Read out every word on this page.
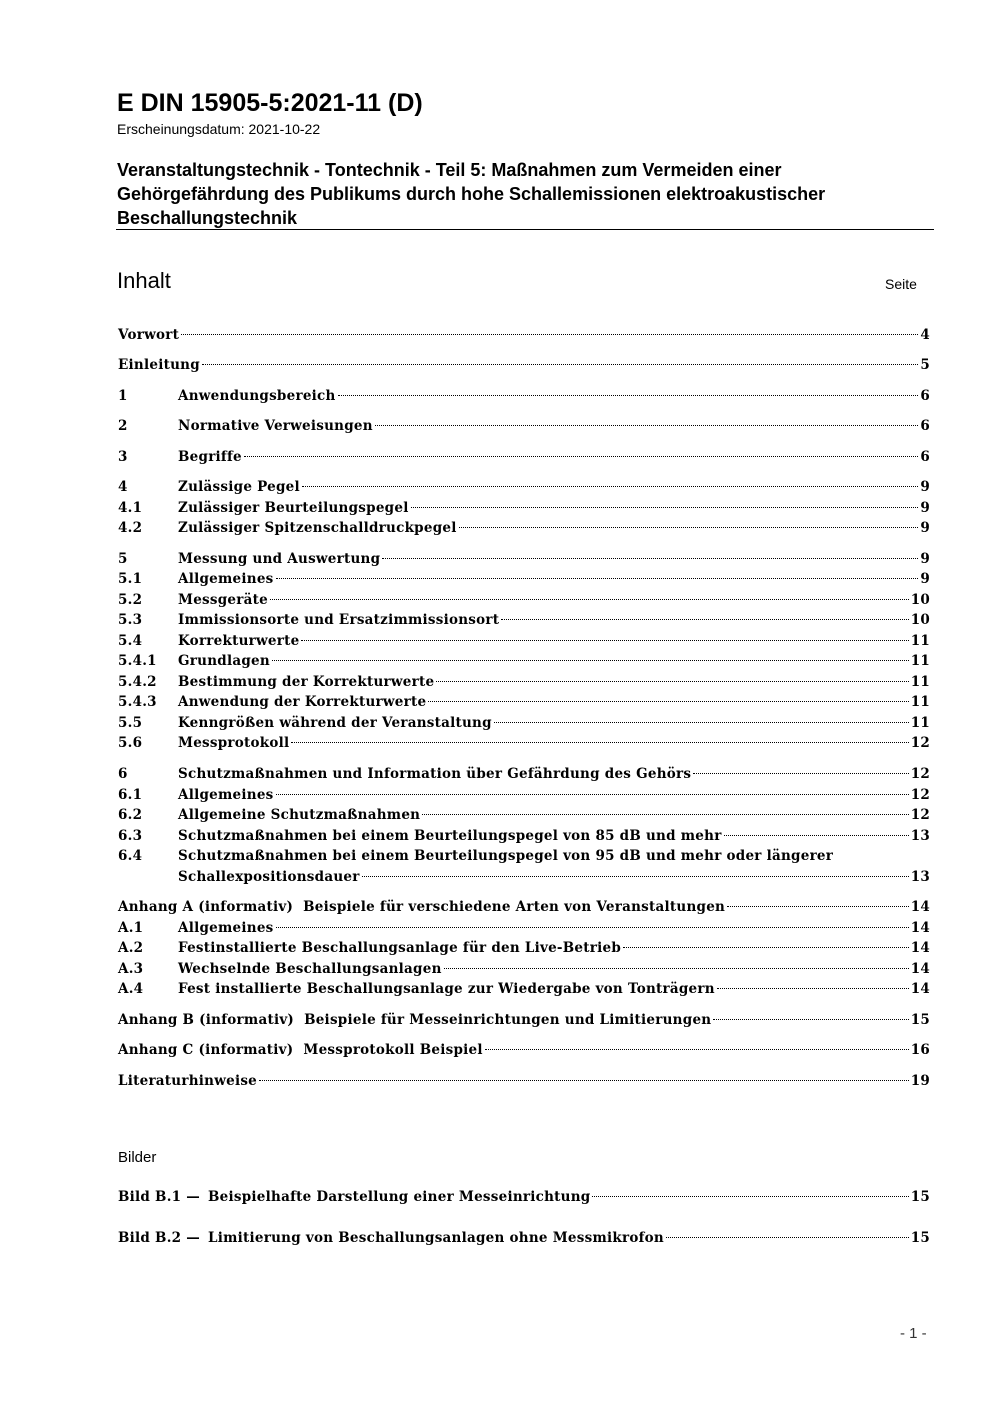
E DIN 15905-5:2021-11 (D)
Erscheinungsdatum: 2021-10-22
Veranstaltungstechnik - Tontechnik - Teil 5: Maßnahmen zum Vermeiden einer Gehörgefährdung des Publikums durch hohe Schallemissionen elektroakustischer Beschallungstechnik
Inhalt	Seite
Vorwort	4
Einleitung	5
1	Anwendungsbereich	6
2	Normative Verweisungen	6
3	Begriffe	6
4	Zulässige Pegel	9
4.1	Zulässiger Beurteilungspegel	9
4.2	Zulässiger Spitzenschalldruckpegel	9
5	Messung und Auswertung	9
5.1	Allgemeines	9
5.2	Messgeräte	10
5.3	Immissionsorte und Ersatzimmissionsort	10
5.4	Korrekturwerte	11
5.4.1	Grundlagen	11
5.4.2	Bestimmung der Korrekturwerte	11
5.4.3	Anwendung der Korrekturwerte	11
5.5	Kenngrößen während der Veranstaltung	11
5.6	Messprotokoll	12
6	Schutzmaßnahmen und Information über Gefährdung des Gehörs	12
6.1	Allgemeines	12
6.2	Allgemeine Schutzmaßnahmen	12
6.3	Schutzmaßnahmen bei einem Beurteilungspegel von 85 dB und mehr	13
6.4	Schutzmaßnahmen bei einem Beurteilungspegel von 95 dB und mehr oder längerer
Schallexpositionsdauer	13
Anhang A (informativ) Beispiele für verschiedene Arten von Veranstaltungen	14
A.1	Allgemeines	14
A.2	Festinstallierte Beschallungsanlage für den Live-Betrieb	14
A.3	Wechselnde Beschallungsanlagen	14
A.4	Fest installierte Beschallungsanlage zur Wiedergabe von Tonträgern	14
Anhang B (informativ) Beispiele für Messeinrichtungen und Limitierungen	15
Anhang C (informativ) Messprotokoll Beispiel	16
Literaturhinweise	19
Bilder
Bild B.1 — Beispielhafte Darstellung einer Messeinrichtung	15
Bild B.2 — Limitierung von Beschallungsanlagen ohne Messmikrofon	15
- 1 -
